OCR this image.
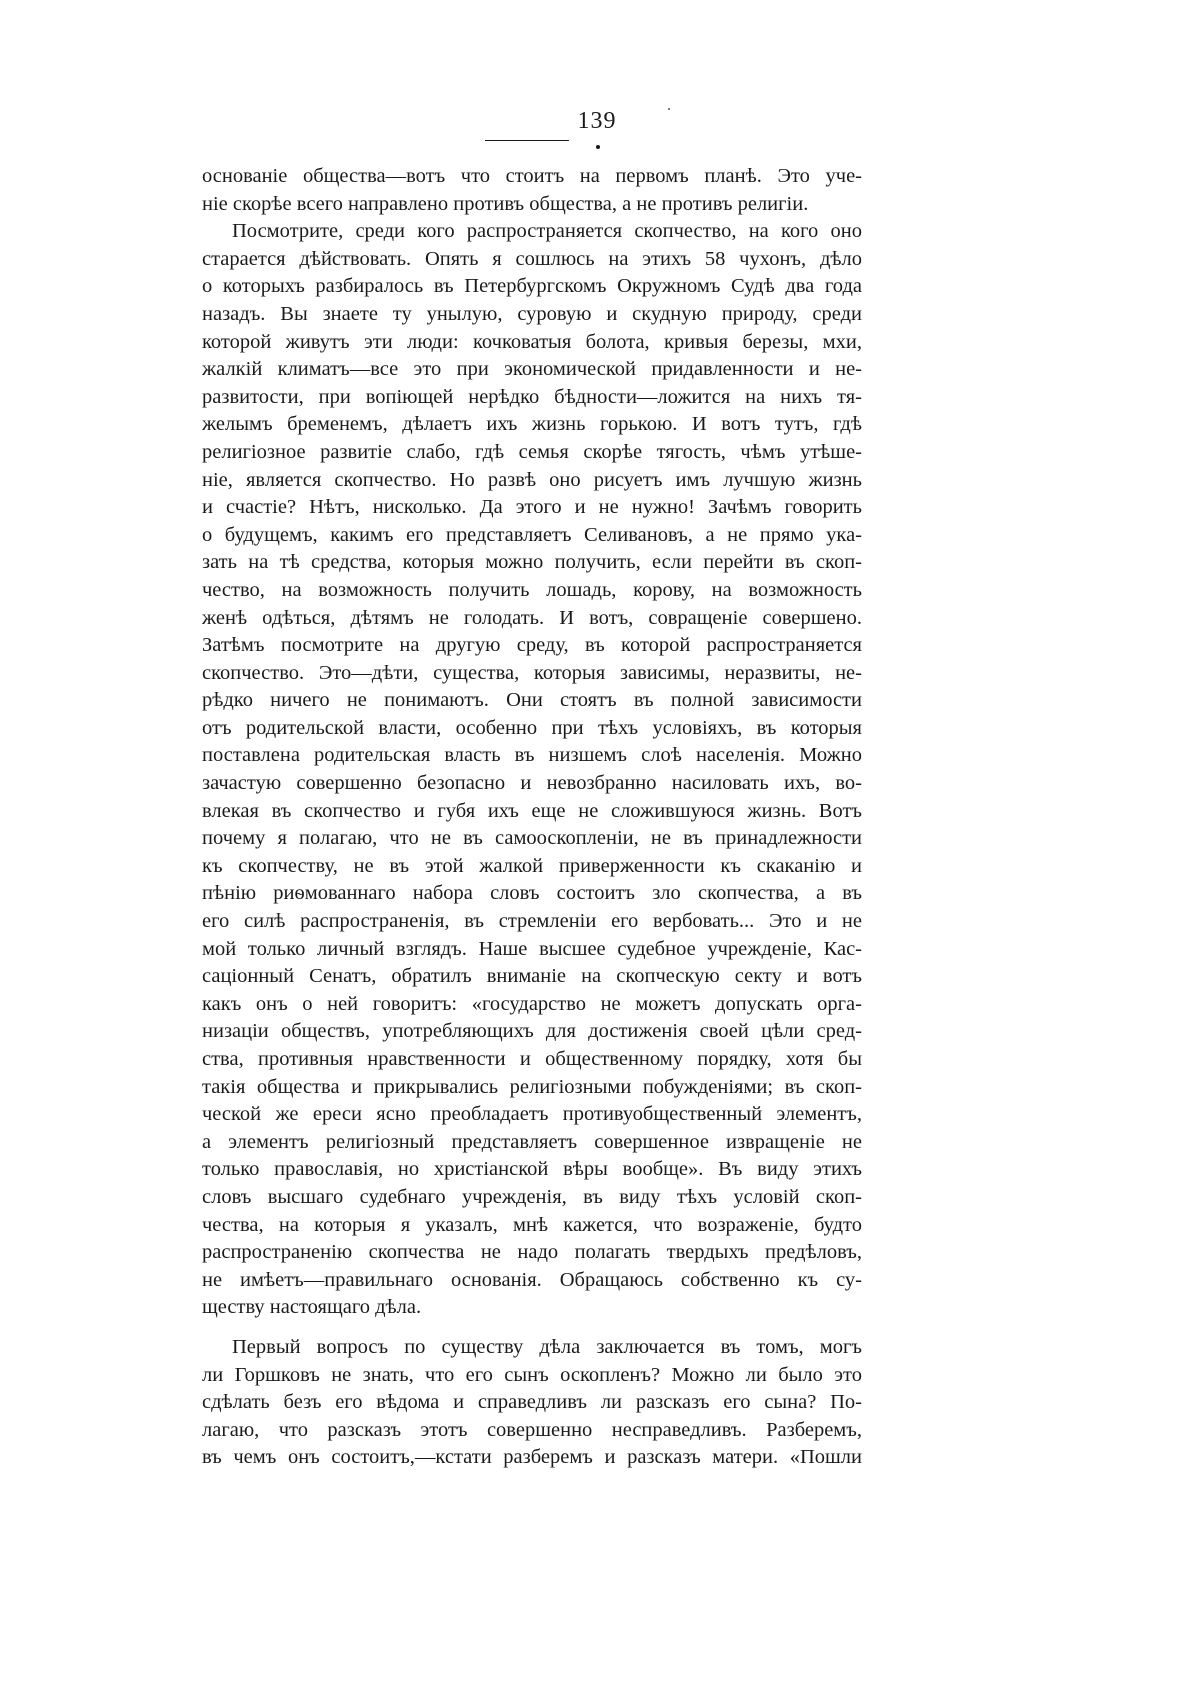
139
основаніе общества—вотъ что стоитъ на первомъ планѣ. Это уче-
ніе скорѣе всего направлено противъ общества, а не противъ религіи.
Посмотрите, среди кого распространяется скопчество, на кого оно
старается дѣйствовать. Опять я сошлюсь на этихъ 58 чухонъ, дѣло
о которыхъ разбиралось въ Петербургскомъ Окружномъ Судѣ два года
назадъ. Вы знаете ту унылую, суровую и скудную природу, среди
которой живутъ эти люди: кочковатыя болота, кривыя березы, мхи,
жалкій климатъ—все это при экономической придавленности и не-
развитости, при вопіющей нерѣдко бѣдности—ложится на нихъ тя-
желымъ бременемъ, дѣлаетъ ихъ жизнь горькою. И вотъ тутъ, гдѣ
религіозное развитіе слабо, гдѣ семья скорѣе тягость, чѣмъ утѣше-
ніе, является скопчество. Но развѣ оно рисуетъ имъ лучшую жизнь
и счастіе? Нѣтъ, нисколько. Да этого и не нужно! Зачѣмъ говорить
о будущемъ, какимъ его представляетъ Селивановъ, а не прямо ука-
зать на тѣ средства, которыя можно получить, если перейти въ скоп-
чество, на возможность получить лошадь, корову, на возможность
женѣ одѣться, дѣтямъ не голодать. И вотъ, совращеніе совершено.
Затѣмъ посмотрите на другую среду, въ которой распространяется
скопчество. Это—дѣти, существа, которыя зависимы, неразвиты, не-
рѣдко ничего не понимаютъ. Они стоятъ въ полной зависимости
отъ родительской власти, особенно при тѣхъ условіяхъ, въ которыя
поставлена родительская власть въ низшемъ слоѣ населенія. Можно
зачастую совершенно безопасно и невозбранно насиловать ихъ, во-
влекая въ скопчество и губя ихъ еще не сложившуюся жизнь. Вотъ
почему я полагаю, что не въ самооскопленіи, не въ принадлежности
къ скопчеству, не въ этой жалкой приверженности къ скаканію и
пѣнію риѳмованнаго набора словъ состоитъ зло скопчества, а въ
его силѣ распространенія, въ стремленіи его вербовать... Это и не
мой только личный взглядъ. Наше высшее судебное учрежденіе, Кас-
саціонный Сенатъ, обратилъ вниманіе на скопческую секту и вотъ
какъ онъ о ней говоритъ: «государство не можетъ допускать орга-
низаціи обществъ, употребляющихъ для достиженія своей цѣли сред-
ства, противныя нравственности и общественному порядку, хотя бы
такія общества и прикрывались религіозными побужденіями; въ скоп-
ческой же ереси ясно преобладаетъ противуобщественный элементъ,
а элементъ религіозный представляетъ совершенное извращеніе не
только православія, но христіанской вѣры вообще». Въ виду этихъ
словъ высшаго судебнаго учрежденія, въ виду тѣхъ условій скоп-
чества, на которыя я указалъ, мнѣ кажется, что возраженіе, будто
распространенію скопчества не надо полагать твердыхъ предѣловъ,
не имѣетъ—правильнаго основанія. Обращаюсь собственно къ су-
ществу настоящаго дѣла.
Первый вопросъ по существу дѣла заключается въ томъ, могъ
ли Горшковъ не знать, что его сынъ оскопленъ? Можно ли было это
сдѣлать безъ его вѣдома и справедливъ ли разсказъ его сына? По-
лагаю, что разсказъ этотъ совершенно несправедливъ. Разберемъ,
въ чемъ онъ состоитъ,—кстати разберемъ и разсказъ матери. «Пошли
